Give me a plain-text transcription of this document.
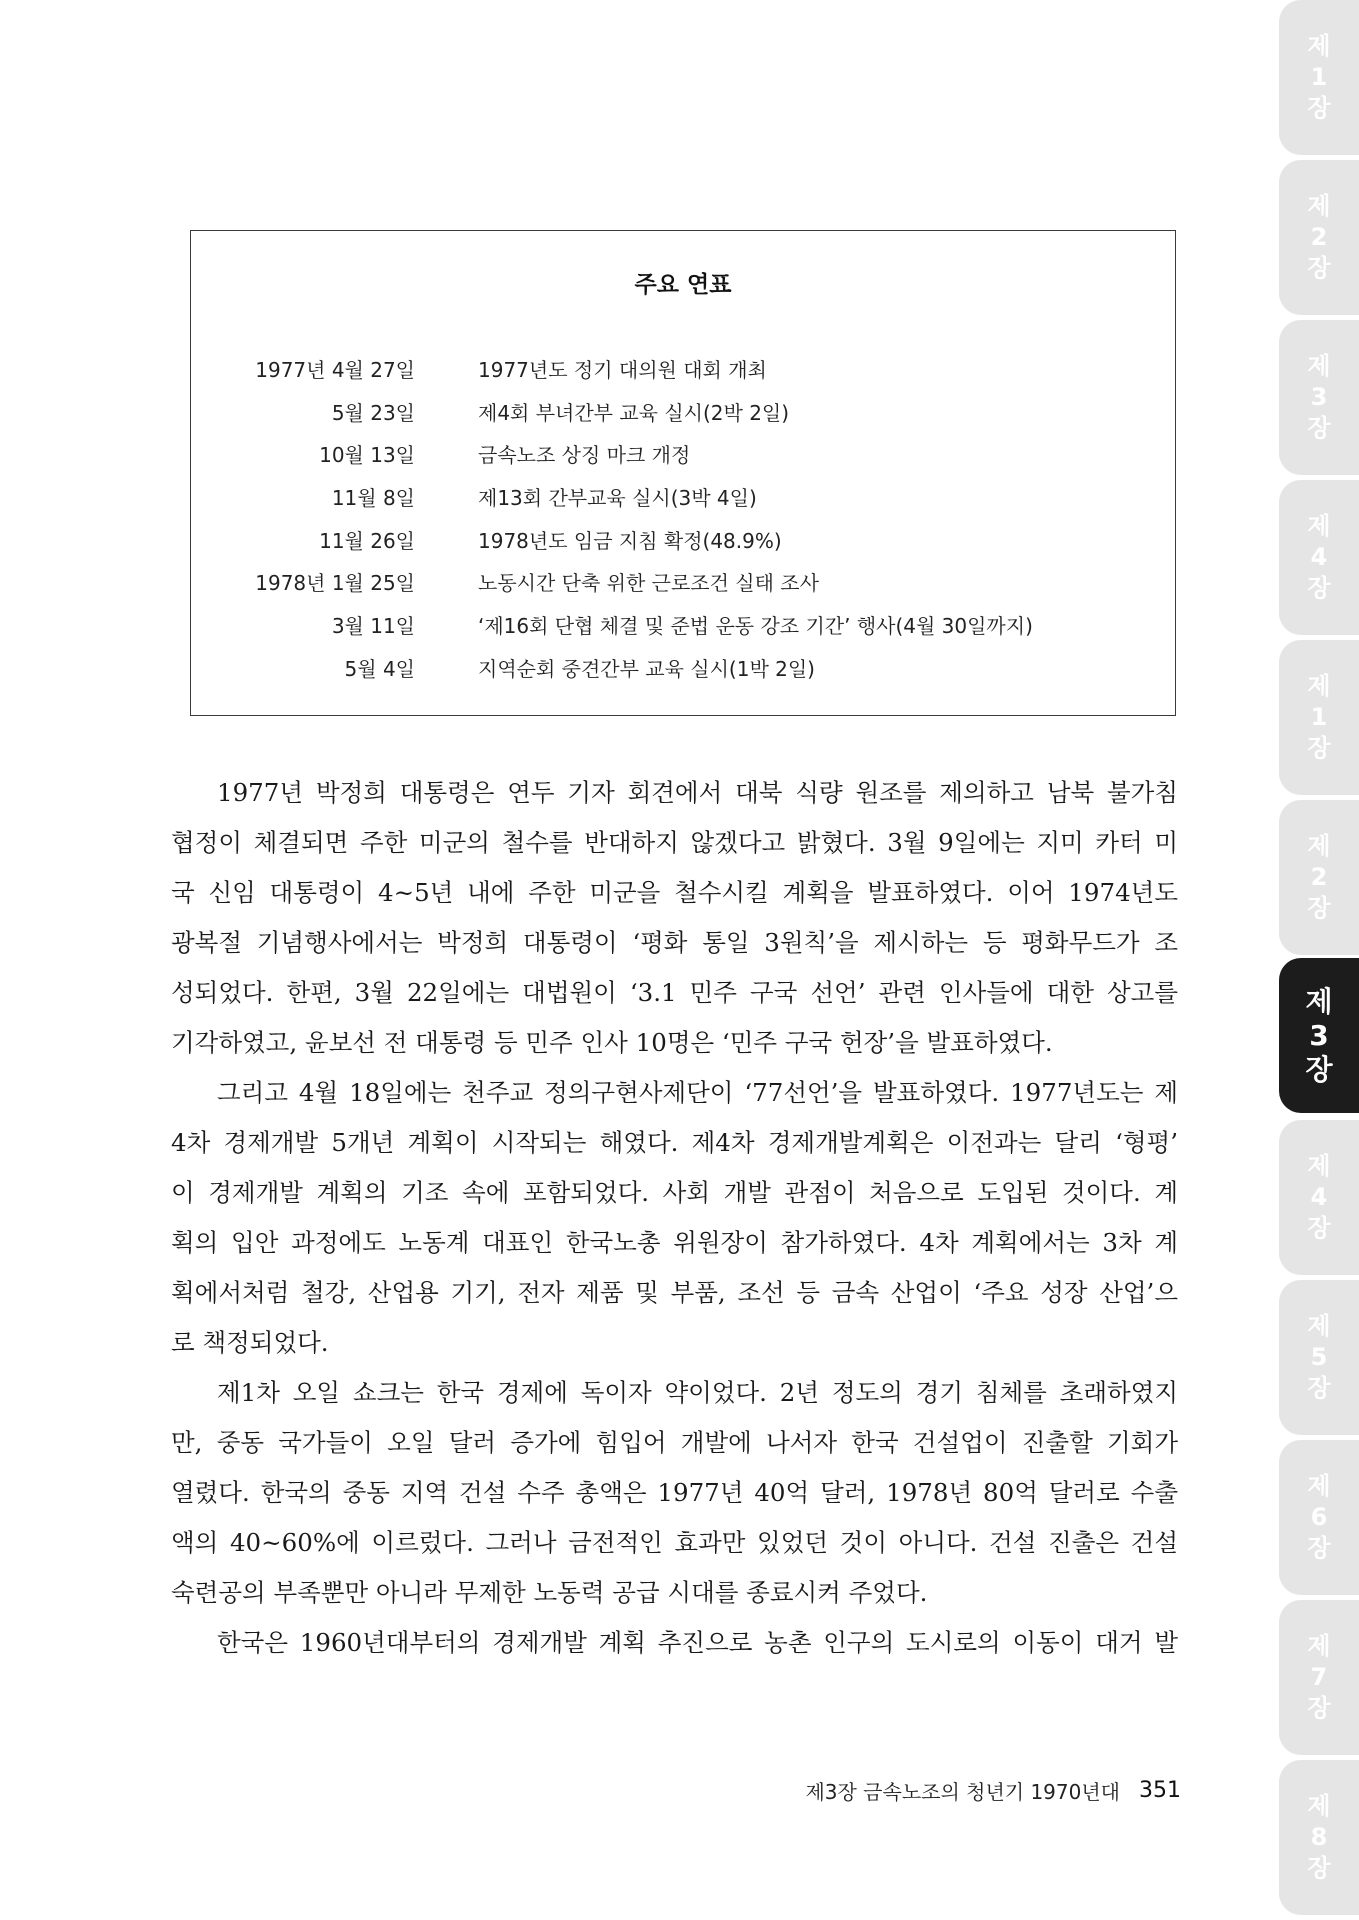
제
1
장
제
2
장
제
3
장
제
4
장
제
1
장
제
2
장
제
3
장
제
4
장
제
5
장
제
6
장
제
7
장
제
8
장
주요 연표
1977년 4월 27일	1977년도 정기 대의원 대회 개최
5월 23일	제4회 부녀간부 교육 실시(2박 2일)
10월 13일	금속노조 상징 마크 개정
11월 8일	제13회 간부교육 실시(3박 4일)
11월 26일	1978년도 임금 지침 확정(48.9%)
1978년 1월 25일	노동시간 단축 위한 근로조건 실태 조사
3월 11일	‘제16회 단협 체결 및 준법 운동 강조 기간’ 행사(4월 30일까지)
5월 4일	지역순회 중견간부 교육 실시(1박 2일)
1977년 박정희 대통령은 연두 기자 회견에서 대북 식량 원조를 제의하고 남북 불가침
협정이 체결되면 주한 미군의 철수를 반대하지 않겠다고 밝혔다. 3월 9일에는 지미 카터 미
국 신임 대통령이 4~5년 내에 주한 미군을 철수시킬 계획을 발표하였다. 이어 1974년도
광복절 기념행사에서는 박정희 대통령이 ‘평화 통일 3원칙’을 제시하는 등 평화무드가 조
성되었다. 한편, 3월 22일에는 대법원이 ‘3.1 민주 구국 선언’ 관련 인사들에 대한 상고를
기각하였고, 윤보선 전 대통령 등 민주 인사 10명은 ‘민주 구국 헌장’을 발표하였다.
그리고 4월 18일에는 천주교 정의구현사제단이 ‘77선언’을 발표하였다. 1977년도는 제
4차 경제개발 5개년 계획이 시작되는 해였다. 제4차 경제개발계획은 이전과는 달리 ‘형평’
이 경제개발 계획의 기조 속에 포함되었다. 사회 개발 관점이 처음으로 도입된 것이다. 계
획의 입안 과정에도 노동계 대표인 한국노총 위원장이 참가하였다. 4차 계획에서는 3차 계
획에서처럼 철강, 산업용 기기, 전자 제품 및 부품, 조선 등 금속 산업이 ‘주요 성장 산업’으
로 책정되었다.
제1차 오일 쇼크는 한국 경제에 독이자 약이었다. 2년 정도의 경기 침체를 초래하였지
만, 중동 국가들이 오일 달러 증가에 힘입어 개발에 나서자 한국 건설업이 진출할 기회가
열렸다. 한국의 중동 지역 건설 수주 총액은 1977년 40억 달러, 1978년 80억 달러로 수출
액의 40~60%에 이르렀다. 그러나 금전적인 효과만 있었던 것이 아니다. 건설 진출은 건설
숙련공의 부족뿐만 아니라 무제한 노동력 공급 시대를 종료시켜 주었다.
한국은 1960년대부터의 경제개발 계획 추진으로 농촌 인구의 도시로의 이동이 대거 발
제3장 금속노조의 청년기 1970년대 351
